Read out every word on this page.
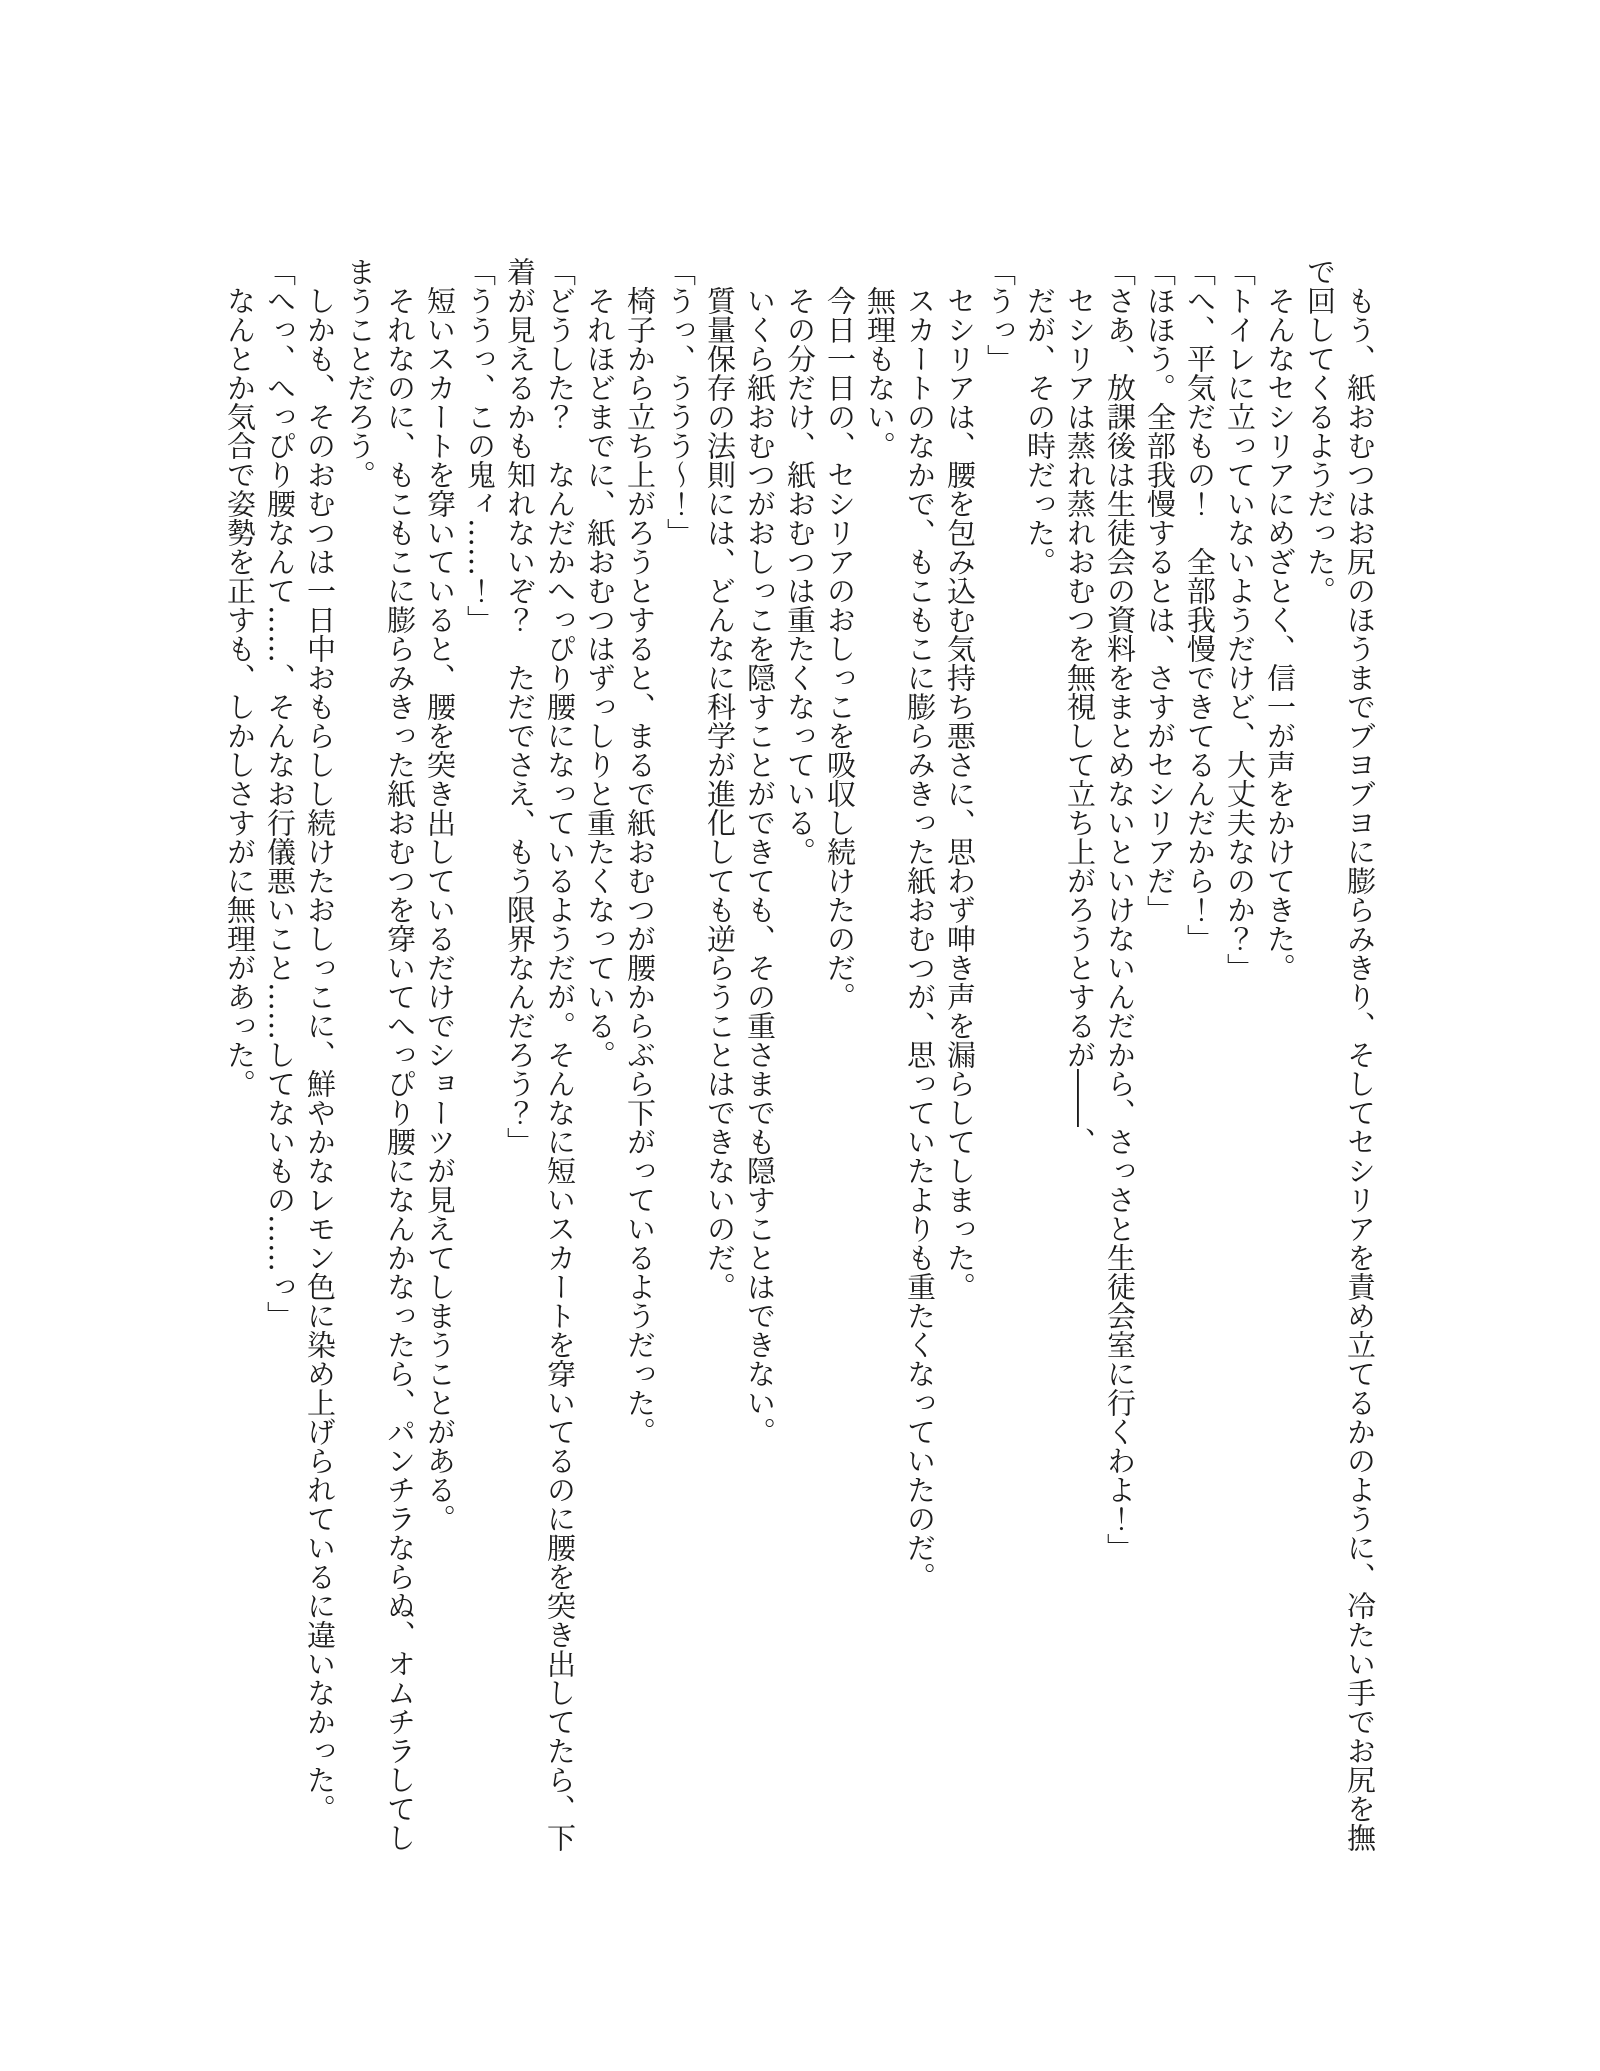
もう、紙おむつはお尻のほうまでブヨブヨに膨らみきり、そしてセシリアを責め立てるかのように、冷たい手でお尻を撫で回してくるようだった。

そんなセシリアにめざとく、信一が声をかけてきた。

「トイレに立っていないようだけど、大丈夫なのか？」

「へ、平気だもの！　全部我慢できてるんだから！」

「ほほう。全部我慢するとは、さすがセシリアだ」

「さあ、放課後は生徒会の資料をまとめないといけないんだから、さっさと生徒会室に行くわよ！」

セシリアは蒸れ蒸れおむつを無視して立ち上がろうとするが――、

だが、その時だった。

「うっ」

セシリアは、腰を包み込む気持ち悪さに、思わず呻き声を漏らしてしまった。

スカートのなかで、もこもこに膨らみきった紙おむつが、思っていたよりも重たくなっていたのだ。

無理もない。

今日一日の、セシリアのおしっこを吸収し続けたのだ。

その分だけ、紙おむつは重たくなっている。

いくら紙おむつがおしっこを隠すことができても、その重さまでも隠すことはできない。

質量保存の法則には、どんなに科学が進化しても逆らうことはできないのだ。

「うっ、ううう～！」

椅子から立ち上がろうとすると、まるで紙おむつが腰からぶら下がっているようだった。

それほどまでに、紙おむつはずっしりと重たくなっている。

「どうした？　なんだかへっぴり腰になっているようだが。そんなに短いスカートを穿いてるのに腰を突き出してたら、下着が見えるかも知れないぞ？　ただでさえ、もう限界なんだろう？」

「ううっ、この鬼ィ……！」

短いスカートを穿いていると、腰を突き出しているだけでショーツが見えてしまうことがある。

それなのに、もこもこに膨らみきった紙おむつを穿いてへっぴり腰になんかなったら、パンチラならぬ、オムチラしてしまうことだろう。

しかも、そのおむつは一日中おもらしし続けたおしっこに、鮮やかなレモン色に染め上げられているに違いなかった。

「へっ、へっぴり腰なんて……、そんなお行儀悪いこと……してないもの……っ」

なんとか気合で姿勢を正すも、しかしさすがに無理があった。
